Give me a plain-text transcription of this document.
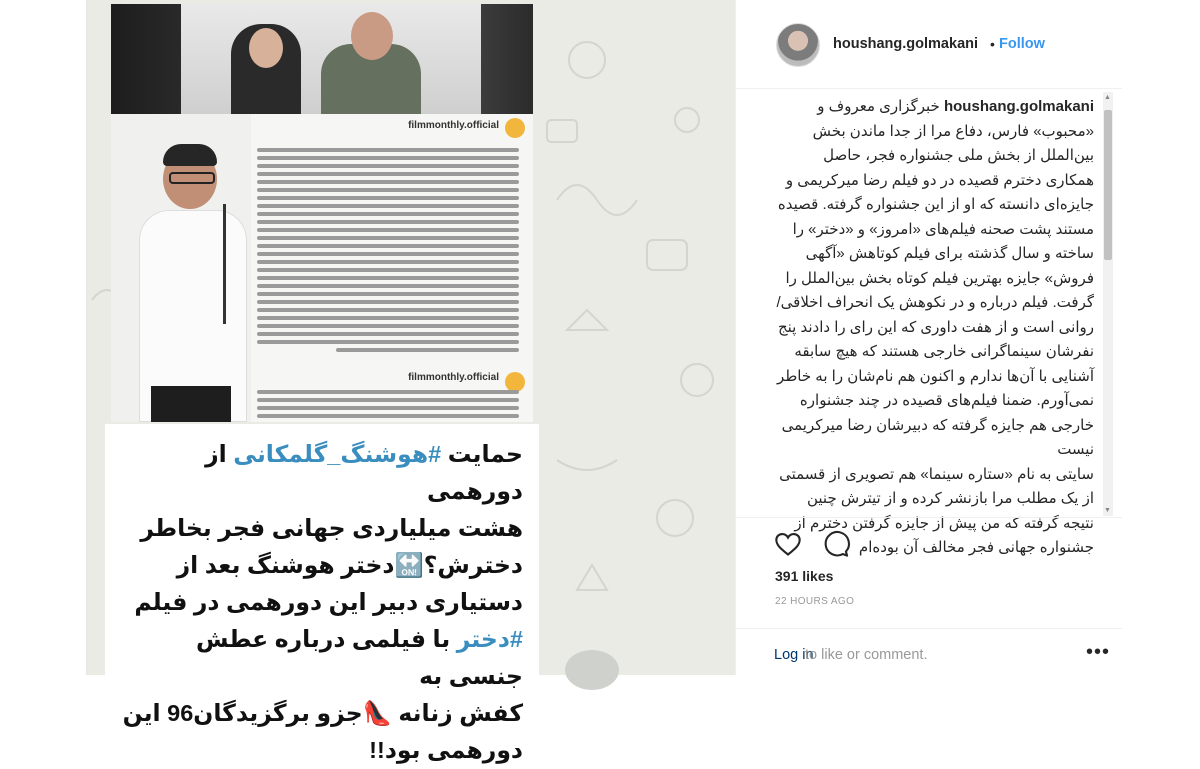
filmmonthly.official
filmmonthly.official
حمایت #هوشنگ_گلمکانی از دورهمی
هشت میلیاردی جهانی فجر بخاطر
دخترش؟🔛دختر هوشنگ بعد از
دستیاری دبیر این دورهمی در فیلم
#دختر با فیلمی درباره عطش جنسی به
کفش زنانه 👠جزو برگزیدگان96 این
دورهمی بود!!
houshang.golmakani • Follow
houshang.golmakani خبرگزاری معروف و «محبوب» فارس، دفاع مرا از جدا ماندن بخش بین‌الملل از بخش ملی جشنواره فجر، حاصل همکاری دخترم قصیده در دو فیلم رضا میرکریمی و جایزه‌ای دانسته که او از این جشنواره گرفته. قصیده مستند پشت صحنه فیلم‌های «امروز» و «دختر» را ساخته و سال گذشته برای فیلم کوتاهش «آگهی فروش» جایزه بهترین فیلم کوتاه بخش بین‌الملل را گرفت. فیلم درباره و در نکوهش یک انحراف اخلاقی/ روانی است و از هفت داوری که این رای را دادند پنج نفرشان سینماگرانی خارجی هستند که هیچ سابقه آشنایی با آن‌ها ندارم و اکنون هم نام‌شان را به خاطر نمی‌آورم. ضمنا فیلم‌های قصیده در چند جشنواره خارجی هم جایزه گرفته که دبیرشان رضا میرکریمی نیست
سایتی به نام «ستاره سینما» هم تصویری از قسمتی از یک مطلب مرا بازنشر کرده و از تیترش چنین نتیجه گرفته که من پیش از جایزه گرفتن دخترم از جشنواره جهانی فجر مخالف آن بوده‌ام
▲
▼
391 likes
22 HOURS AGO
Log in
to like or comment.	•••
